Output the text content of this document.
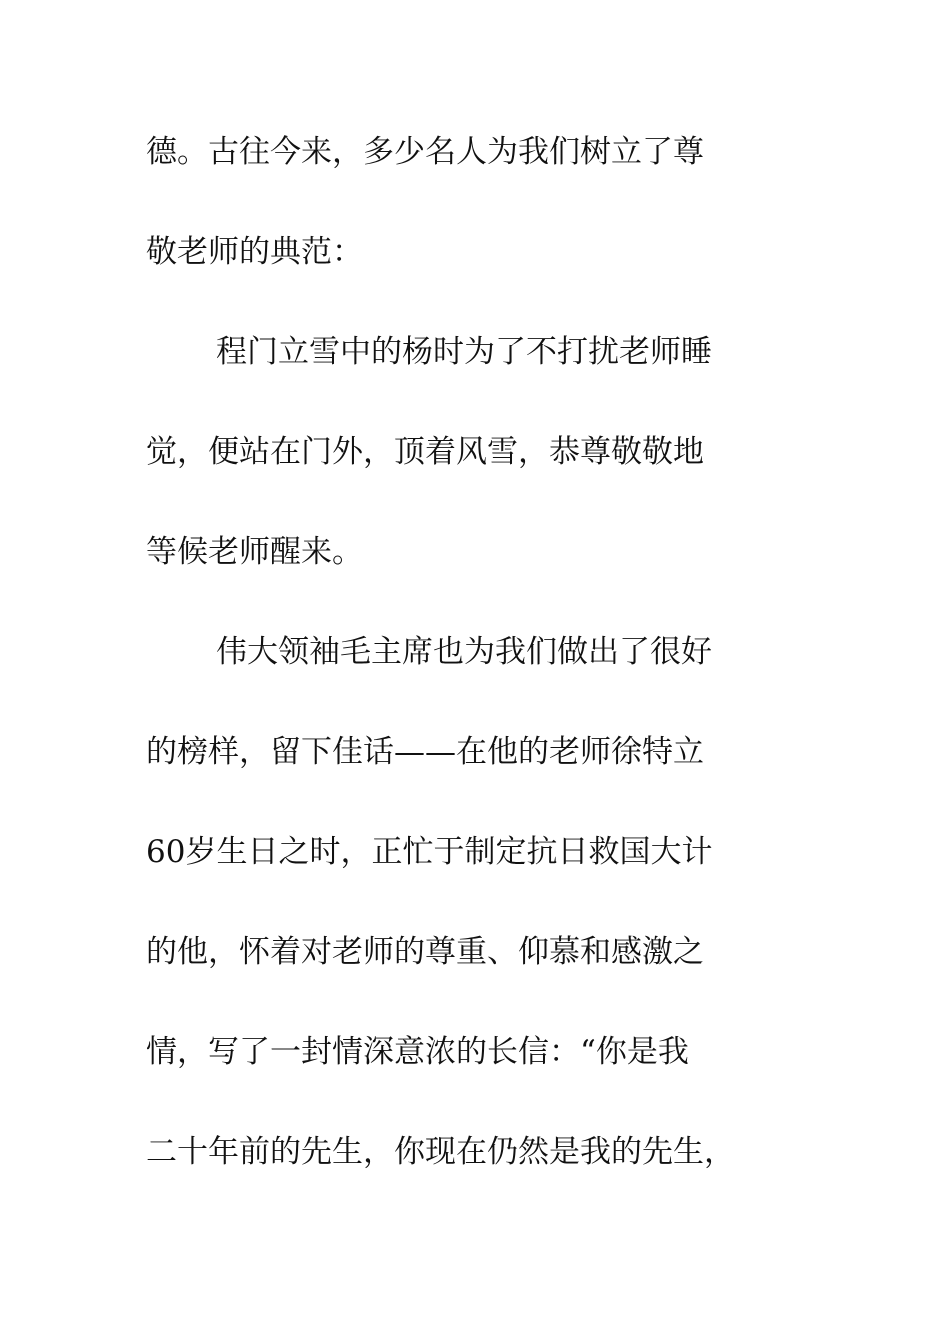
德。古往今来，多少名人为我们树立了尊
敬老师的典范：
程门立雪中的杨时为了不打扰老师睡
觉，便站在门外，顶着风雪，恭尊敬敬地
等候老师醒来。
伟大领袖毛主席也为我们做出了很好
的榜样，留下佳话——在他的老师徐特立
60岁生日之时，正忙于制定抗日救国大计
的他，怀着对老师的尊重、仰慕和感激之
情，写了一封情深意浓的长信：“你是我
二十年前的先生，你现在仍然是我的先生，
